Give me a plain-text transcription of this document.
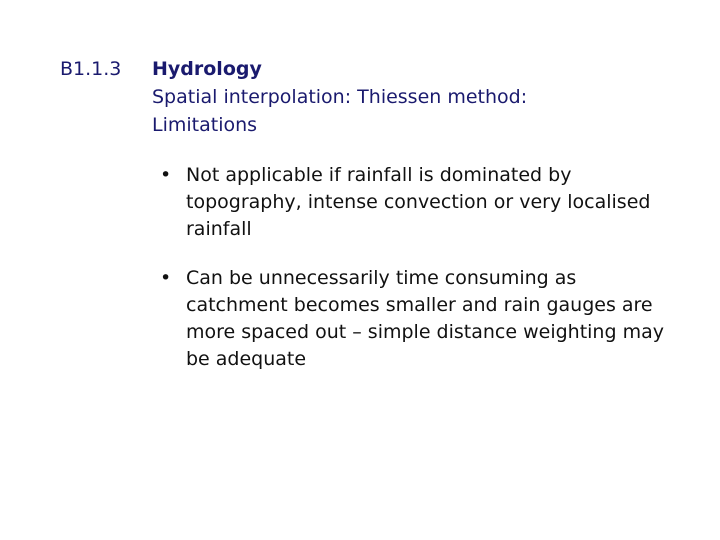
B1.1.3 Hydrology
Spatial interpolation: Thiessen method:
Limitations
• Not applicable if rainfall is dominated by topography, intense convection or very localised rainfall
• Can be unnecessarily time consuming as catchment becomes smaller and rain gauges are more spaced out – simple distance weighting may be adequate
